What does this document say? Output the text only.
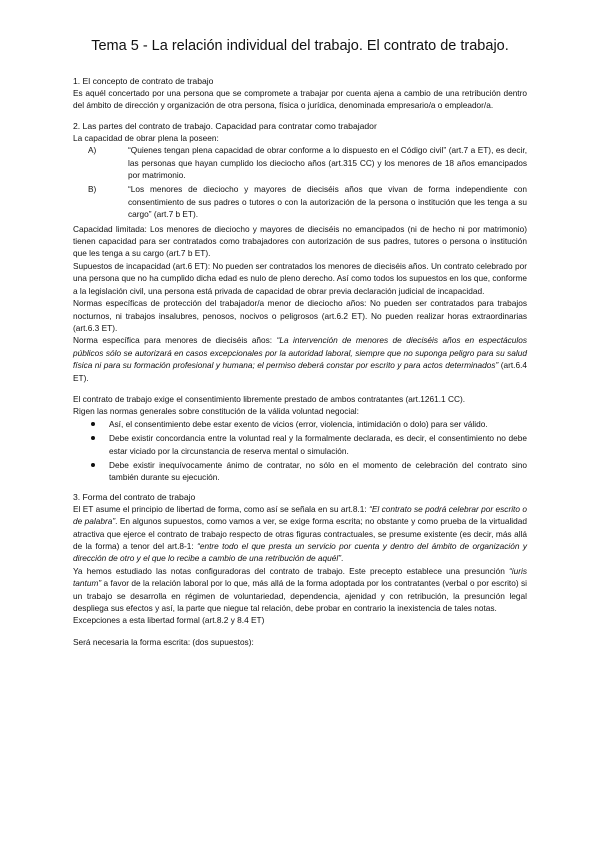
Tema 5 - La relación individual del trabajo. El contrato de trabajo.
1. El concepto de contrato de trabajo

Es aquél concertado por una persona que se compromete a trabajar por cuenta ajena a cambio de una retribución dentro del ámbito de dirección y organización de otra persona, física o jurídica, denominada empresario/a o empleador/a.

2. Las partes del contrato de trabajo. Capacidad para contratar como trabajador

La capacidad de obrar plena la poseen:

A)	“Quienes tengan plena capacidad de obrar conforme a lo dispuesto en el Código civil” (art.7 a ET), es decir, las personas que hayan cumplido los dieciocho años (art.315 CC) y los menores de 18 años emancipados por matrimonio.
B)	“Los menores de dieciocho y mayores de dieciséis años que vivan de forma independiente con consentimiento de sus padres o tutores o con la autorización de la persona o institución que les tenga a su cargo” (art.7 b ET).

Capacidad limitada: Los menores de dieciocho y mayores de dieciséis no emancipados (ni de hecho ni por matrimonio) tienen capacidad para ser contratados como trabajadores con autorización de sus padres, tutores o persona o institución que les tenga a su cargo (art.7 b ET).

Supuestos de incapacidad (art.6 ET): No pueden ser contratados los menores de dieciséis años. Un contrato celebrado por una persona que no ha cumplido dicha edad es nulo de pleno derecho. Así como todos los supuestos en los que, conforme a la legislación civil, una persona está privada de capacidad de obrar previa declaración judicial de incapacidad.

Normas específicas de protección del trabajador/a menor de dieciocho años: No pueden ser contratados para trabajos nocturnos, ni trabajos insalubres, penosos, nocivos o peligrosos (art.6.2 ET). No pueden realizar horas extraordinarias (art.6.3 ET).

Norma específica para menores de dieciséis años: “La intervención de menores de dieciséis años en espectáculos públicos sólo se autorizará en casos excepcionales por la autoridad laboral, siempre que no suponga peligro para su salud física ni para su formación profesional y humana; el permiso deberá constar por escrito y para actos determinados” (art.6.4 ET).

El contrato de trabajo exige el consentimiento libremente prestado de ambos contratantes (art.1261.1 CC).

Rigen las normas generales sobre constitución de la válida voluntad negocial:

Así, el consentimiento debe estar exento de vicios (error, violencia, intimidación o dolo) para ser válido.
Debe existir concordancia entre la voluntad real y la formalmente declarada, es decir, el consentimiento no debe estar viciado por la circunstancia de reserva mental o simulación.
Debe existir inequívocamente ánimo de contratar, no sólo en el momento de celebración del contrato sino también durante su ejecución.
3. Forma del contrato de trabajo

El ET asume el principio de libertad de forma, como así se señala en su art.8.1: “El contrato se podrá celebrar por escrito o de palabra”. En algunos supuestos, como vamos a ver, se exige forma escrita; no obstante y como prueba de la virtualidad atractiva que ejerce el contrato de trabajo respecto de otras figuras contractuales, se presume existente (es decir, más allá de la forma) a tenor del art.8-1: “entre todo el que presta un servicio por cuenta y dentro del ámbito de organización y dirección de otro y el que lo recibe a cambio de una retribución de aquél”.

Ya hemos estudiado las notas configuradoras del contrato de trabajo. Este precepto establece una presunción “iuris tantum” a favor de la relación laboral por lo que, más allá de la forma adoptada por los contratantes (verbal o por escrito) si un trabajo se desarrolla en régimen de voluntariedad, dependencia, ajenidad y con retribución, la presunción legal despliega sus efectos y así, la parte que niegue tal relación, debe probar en contrario la inexistencia de tales notas.

Excepciones a esta libertad formal (art.8.2 y 8.4 ET)

Será necesaria la forma escrita: (dos supuestos):
